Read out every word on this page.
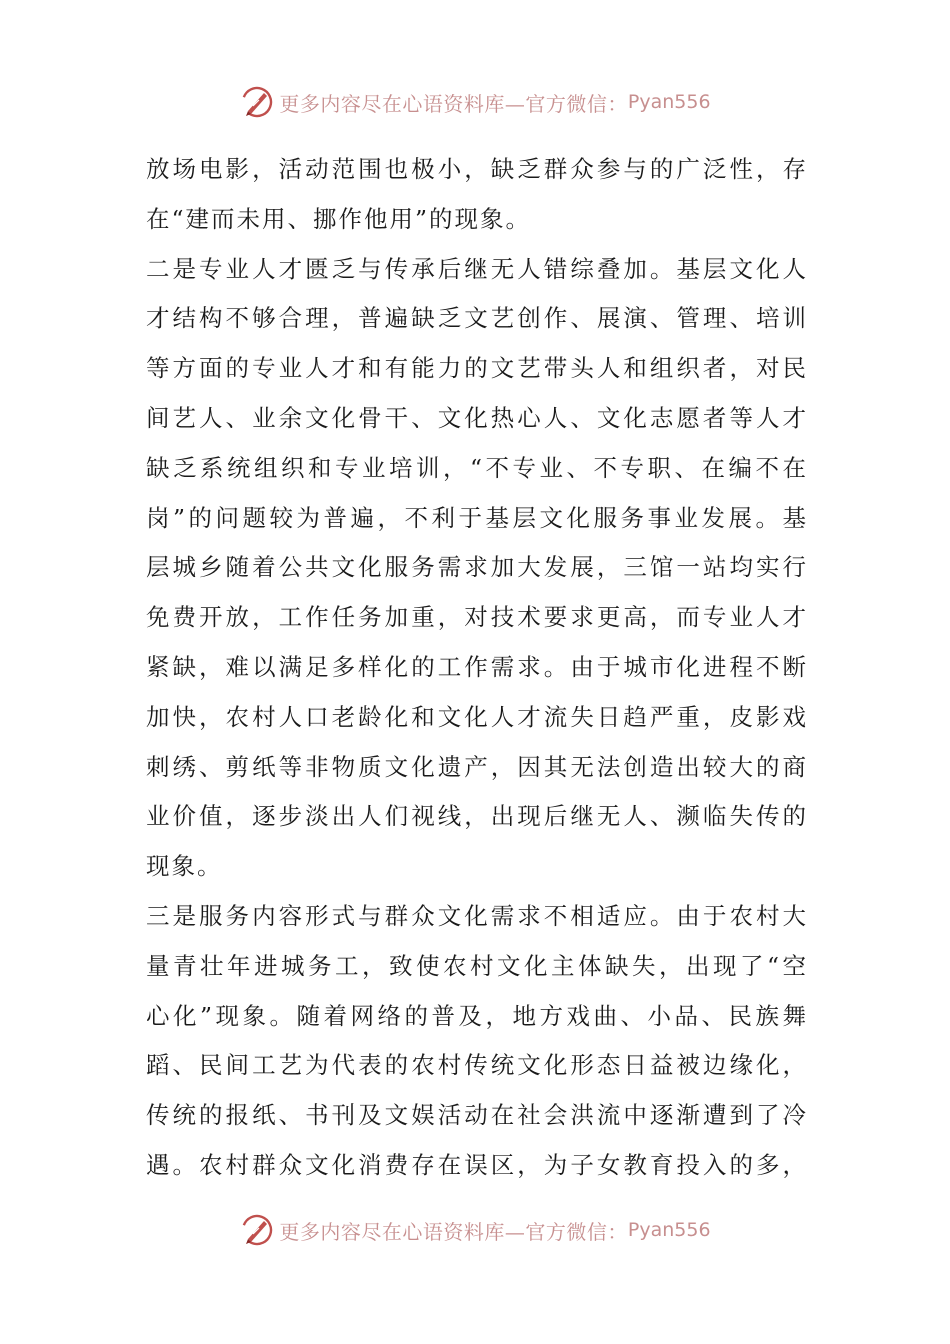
更多内容尽在心语资料库—官方微信： Pyan556
放场电影，活动范围也极小，缺乏群众参与的广泛性，存
在“建而未用、挪作他用”的现象。
二是专业人才匮乏与传承后继无人错综叠加。基层文化人
才结构不够合理，普遍缺乏文艺创作、展演、管理、培训
等方面的专业人才和有能力的文艺带头人和组织者，对民
间艺人、业余文化骨干、文化热心人、文化志愿者等人才
缺乏系统组织和专业培训，“不专业、不专职、在编不在
岗”的问题较为普遍，不利于基层文化服务事业发展。基
层城乡随着公共文化服务需求加大发展，三馆一站均实行
免费开放，工作任务加重，对技术要求更高，而专业人才
紧缺，难以满足多样化的工作需求。由于城市化进程不断
加快，农村人口老龄化和文化人才流失日趋严重，皮影戏
刺绣、剪纸等非物质文化遗产，因其无法创造出较大的商
业价值，逐步淡出人们视线，出现后继无人、濒临失传的
现象。
三是服务内容形式与群众文化需求不相适应。由于农村大
量青壮年进城务工，致使农村文化主体缺失，出现了“空
心化”现象。随着网络的普及，地方戏曲、小品、民族舞
蹈、民间工艺为代表的农村传统文化形态日益被边缘化，
传统的报纸、书刊及文娱活动在社会洪流中逐渐遭到了冷
遇。农村群众文化消费存在误区，为子女教育投入的多，
更多内容尽在心语资料库—官方微信： Pyan556
